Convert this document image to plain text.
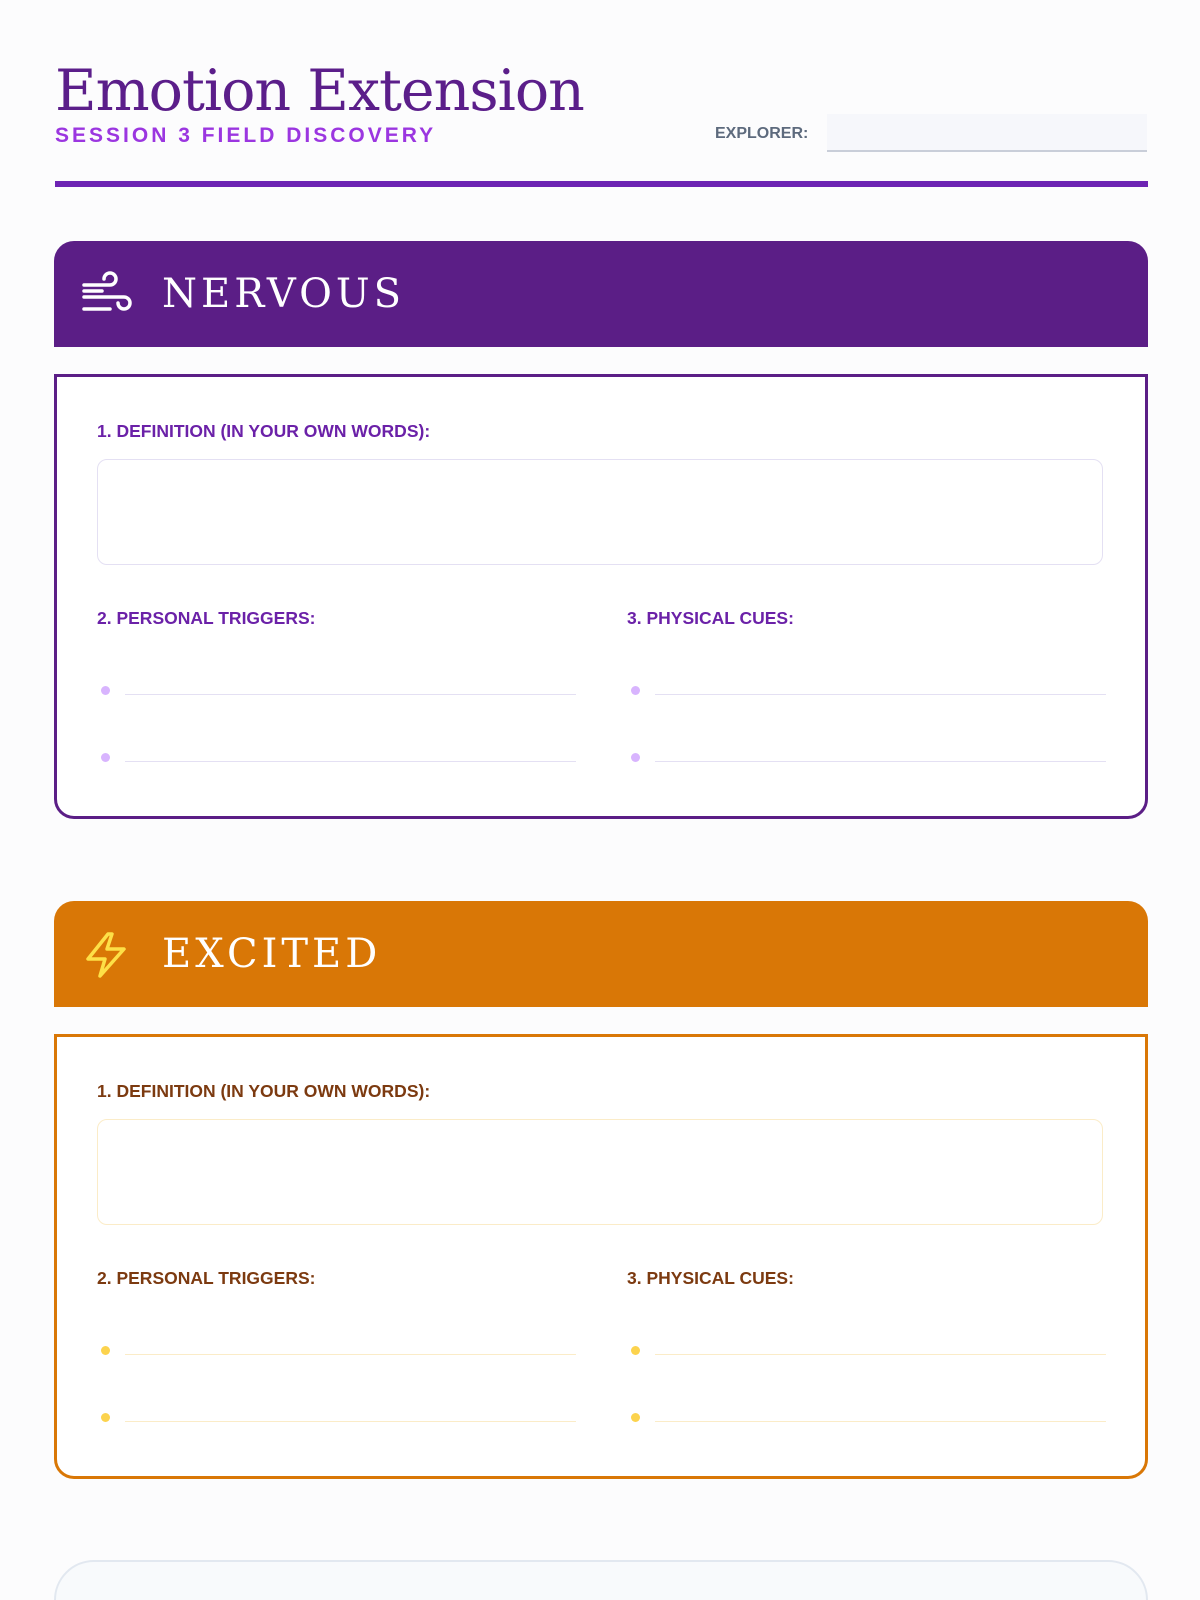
Emotion Extension
SESSION 3 FIELD DISCOVERY	EXPLORER:
NERVOUS
1. DEFINITION (IN YOUR OWN WORDS):
2. PERSONAL TRIGGERS:	3. PHYSICAL CUES:
EXCITED
1. DEFINITION (IN YOUR OWN WORDS):
2. PERSONAL TRIGGERS:	3. PHYSICAL CUES:
